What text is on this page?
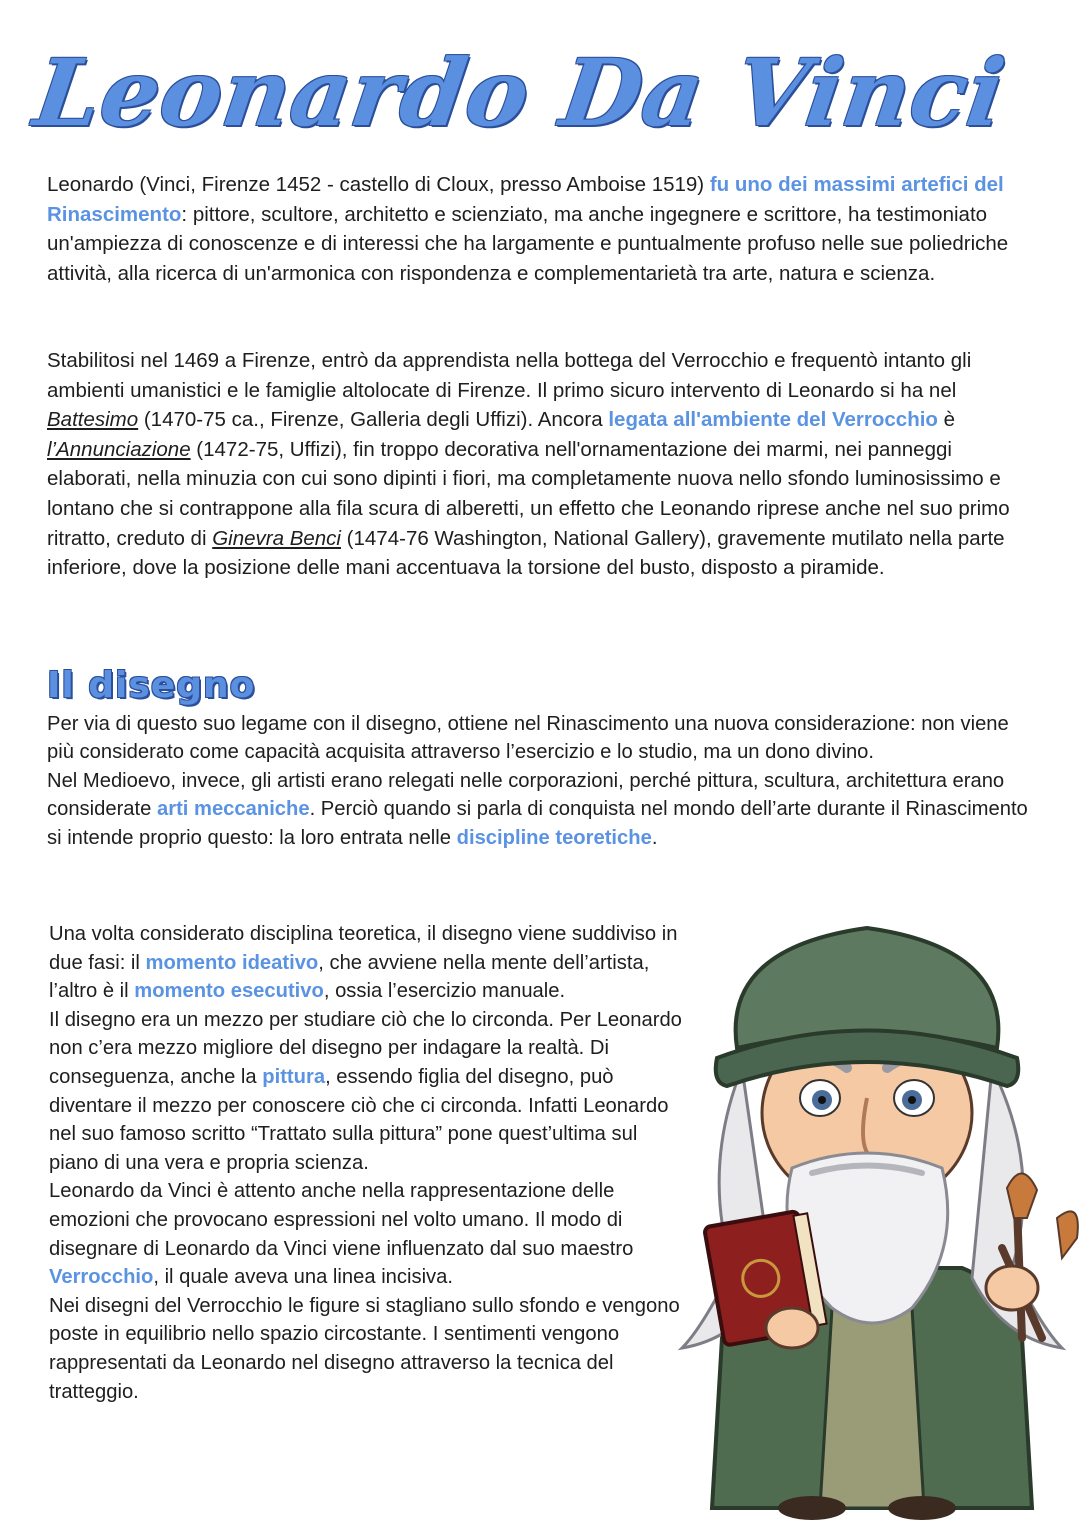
Leonardo Da Vinci

Leonardo (Vinci, Firenze 1452 - castello di Cloux, presso Amboise 1519) fu uno dei massimi artefici del Rinascimento: pittore, scultore, architetto e scienziato, ma anche ingegnere e scrittore, ha testimoniato un'ampiezza di conoscenze e di interessi che ha largamente e puntualmente profuso nelle sue poliedriche attività, alla ricerca di un'armonica con rispondenza e complementarietà tra arte, natura e scienza.

Stabilitosi nel 1469 a Firenze, entrò da apprendista nella bottega del Verrocchio e frequentò intanto gli ambienti umanistici e le famiglie altolocate di Firenze. Il primo sicuro intervento di Leonardo si ha nel Battesimo (1470-75 ca., Firenze, Galleria degli Uffizi). Ancora legata all'ambiente del Verrocchio è l’Annunciazione (1472-75, Uffizi), fin troppo decorativa nell'ornamentazione dei marmi, nei panneggi elaborati, nella minuzia con cui sono dipinti i fiori, ma completamente nuova nello sfondo luminosissimo e lontano che si contrappone alla fila scura di alberetti, un effetto che Leonando riprese anche nel suo primo ritratto, creduto di Ginevra Benci (1474-76 Washington, National Gallery), gravemente mutilato nella parte inferiore, dove la posizione delle mani accentuava la torsione del busto, disposto a piramide.

Il disegno

Per via di questo suo legame con il disegno, ottiene nel Rinascimento una nuova considerazione: non viene più considerato come capacità acquisita attraverso l’esercizio e lo studio, ma un dono divino.
Nel Medioevo, invece, gli artisti erano relegati nelle corporazioni, perché pittura, scultura, architettura erano considerate arti meccaniche. Perciò quando si parla di conquista nel mondo dell’arte durante il Rinascimento si intende proprio questo: la loro entrata nelle discipline teoretiche.

Una volta considerato disciplina teoretica, il disegno viene suddiviso in due fasi: il momento ideativo, che avviene nella mente dell’artista, l’altro è il momento esecutivo, ossia l’esercizio manuale.

Il disegno era un mezzo per studiare ciò che lo circonda. Per Leonardo non c’era mezzo migliore del disegno per indagare la realtà. Di conseguenza, anche la pittura, essendo figlia del disegno, può diventare il mezzo per conoscere ciò che ci circonda. Infatti Leonardo nel suo famoso scritto “Trattato sulla pittura” pone quest’ultima sul piano di una vera e propria scienza.

Leonardo da Vinci è attento anche nella rappresentazione delle emozioni che provocano espressioni nel volto umano. Il modo di disegnare di Leonardo da Vinci viene influenzato dal suo maestro Verrocchio, il quale aveva una linea incisiva.

Nei disegni del Verrocchio le figure si stagliano sullo sfondo e vengono poste in equilibrio nello spazio circostante. I sentimenti vengono rappresentati da Leonardo nel disegno attraverso la tecnica del tratteggio.
